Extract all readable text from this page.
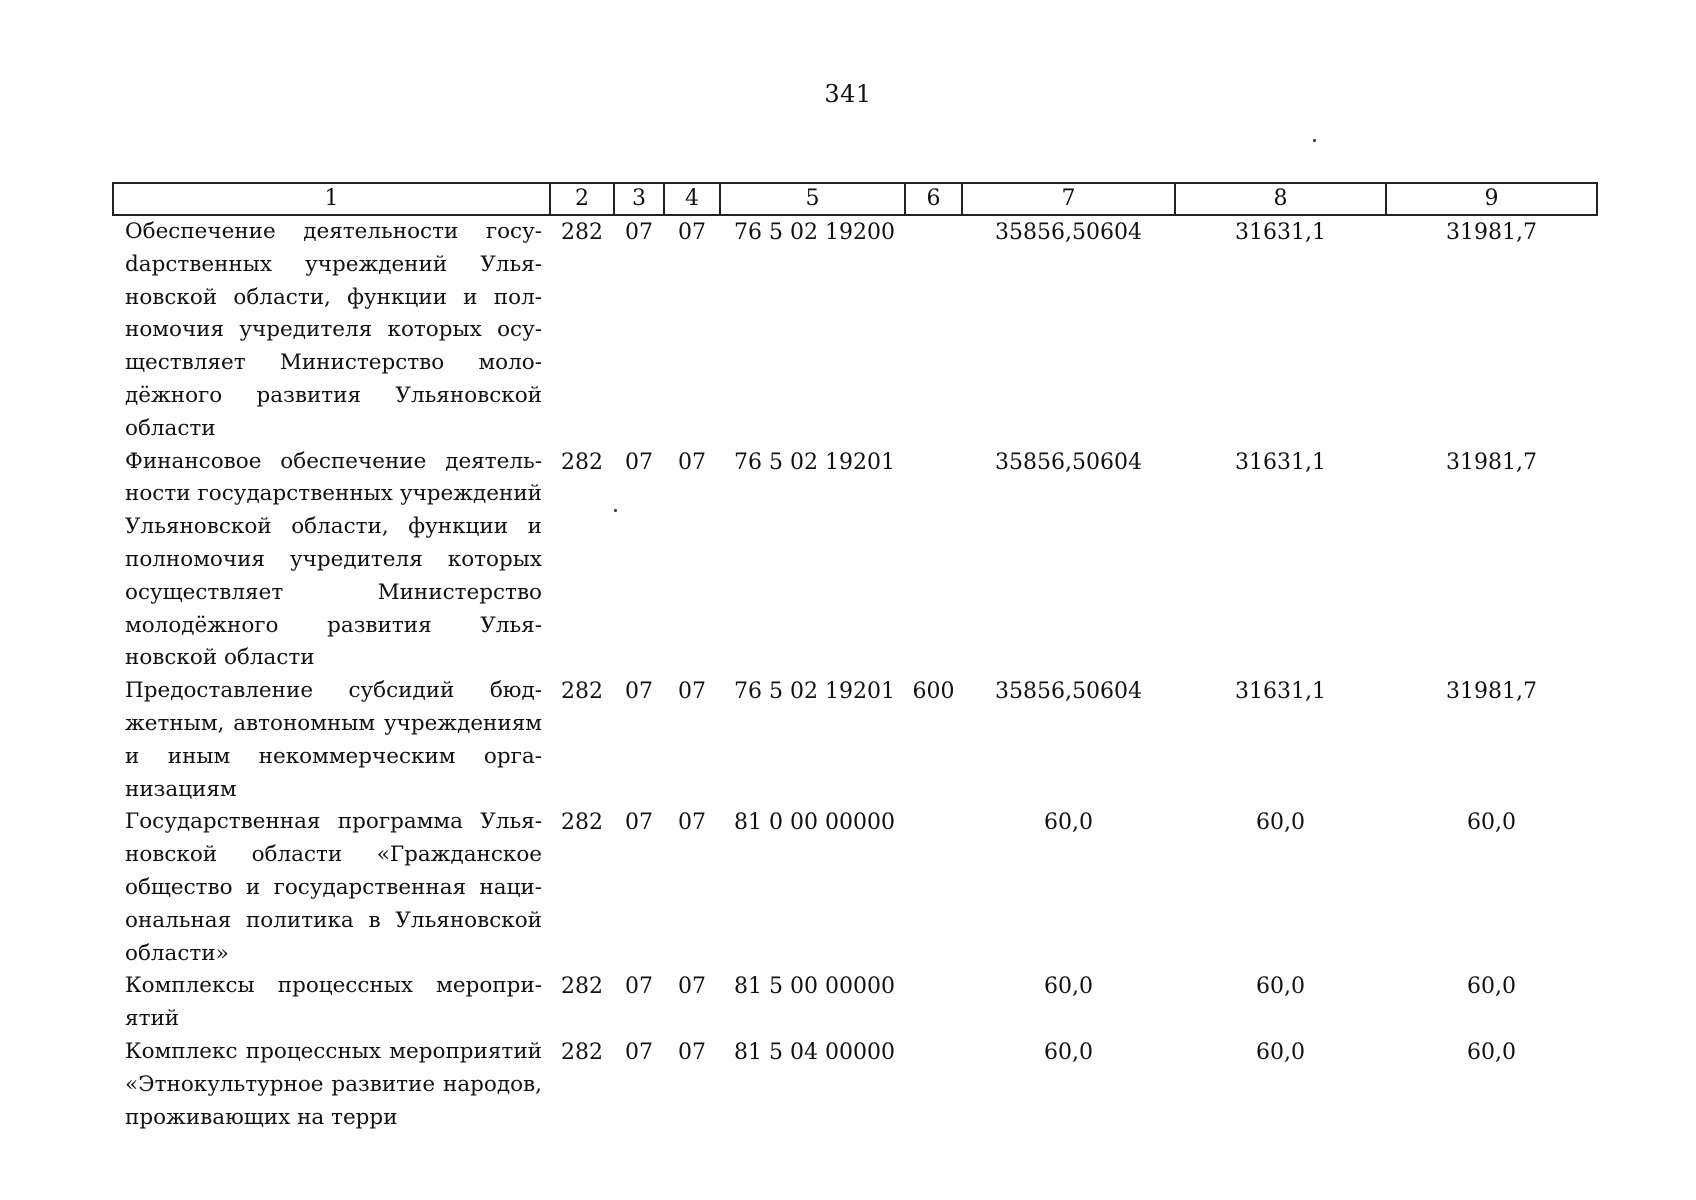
341
1	2	3	4	5	6	7	8	9
Обеспечение деятельности госуdарственных учреждений Ульяновской области, функции и полномочия учредителя которых осуществляет Министерство молодёжного развития Ульяновской области	282	07	07	76 5 02 19200		35856,50604	31631,1	31981,7
Финансовое обеспечение деятельности государственных учреждений Ульяновской области, функции и полномочия учредителя которых осуществляет Министерство молодёжного развития Ульяновской области	282	07	07	76 5 02 19201		35856,50604	31631,1	31981,7
Предоставление субсидий бюджетным, автономным учреждениям и иным некоммерческим организациям	282	07	07	76 5 02 19201	600	35856,50604	31631,1	31981,7
Государственная программа Ульяновской области «Гражданское общество и государственная национальная политика в Ульяновской области»	282	07	07	81 0 00 00000		60,0	60,0	60,0
Комплексы процессных мероприятий	282	07	07	81 5 00 00000		60,0	60,0	60,0
Комплекс процессных мероприятий «Этнокультурное развитие народов, проживающих на терри	282	07	07	81 5 04 00000		60,0	60,0	60,0
